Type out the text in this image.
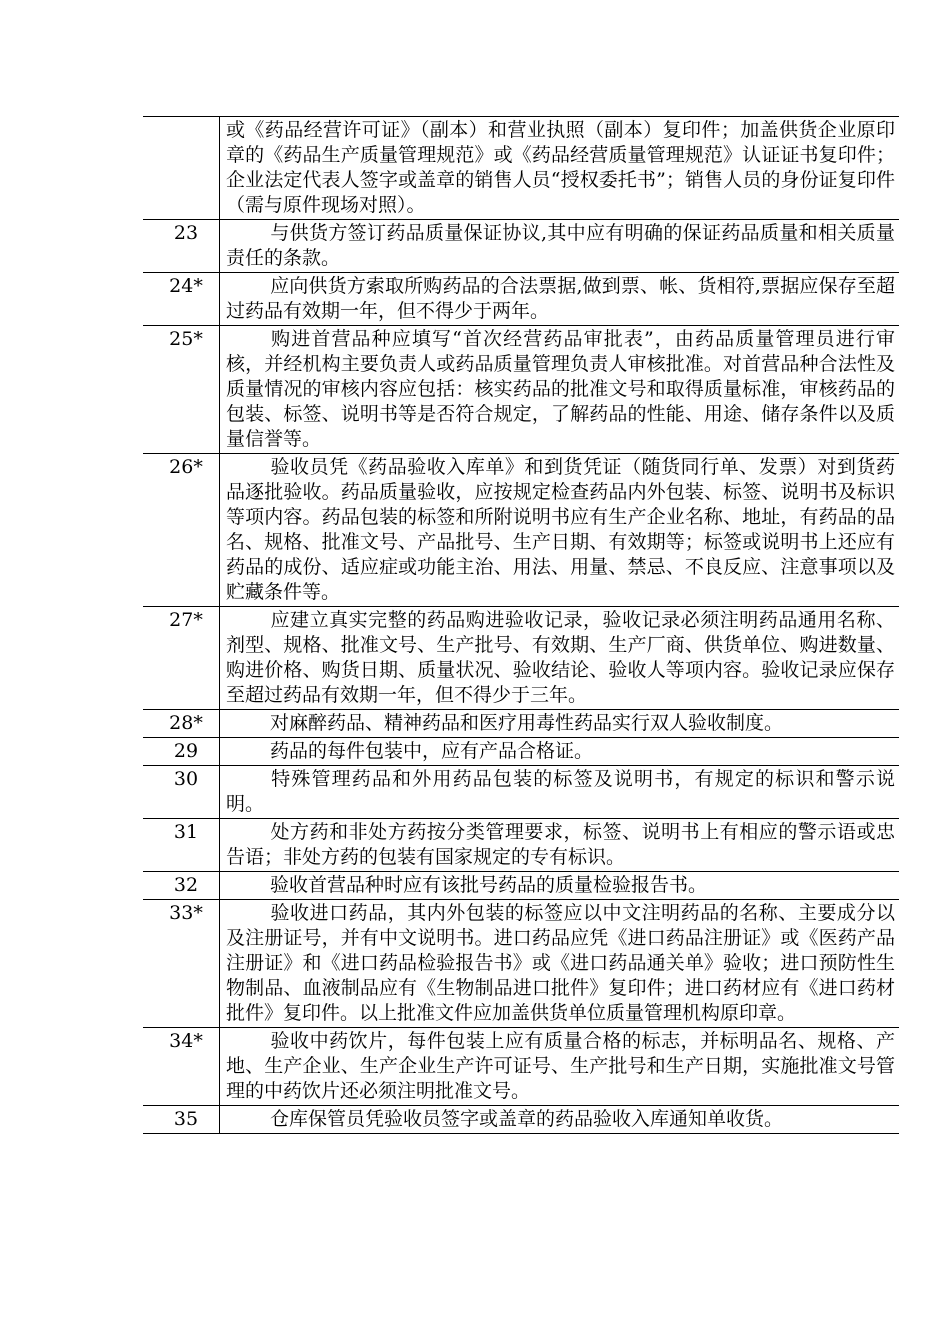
	或《药品经营许可证》（副本）和营业执照（副本）复印件；加盖供货企业原印章的《药品生产质量管理规范》或《药品经营质量管理规范》认证证书复印件；企业法定代表人签字或盖章的销售人员“授权委托书”；销售人员的身份证复印件（需与原件现场对照）。
23	与供货方签订药品质量保证协议,其中应有明确的保证药品质量和相关质量责任的条款。
24*	应向供货方索取所购药品的合法票据,做到票、帐、货相符,票据应保存至超过药品有效期一年，但不得少于两年。
25*	购进首营品种应填写“首次经营药品审批表”，由药品质量管理员进行审核，并经机构主要负责人或药品质量管理负责人审核批准。对首营品种合法性及质量情况的审核内容应包括：核实药品的批准文号和取得质量标准，审核药品的包装、标签、说明书等是否符合规定，了解药品的性能、用途、储存条件以及质量信誉等。
26*	验收员凭《药品验收入库单》和到货凭证（随货同行单、发票）对到货药品逐批验收。药品质量验收，应按规定检查药品内外包装、标签、说明书及标识等项内容。药品包装的标签和所附说明书应有生产企业名称、地址，有药品的品名、规格、批准文号、产品批号、生产日期、有效期等；标签或说明书上还应有药品的成份、适应症或功能主治、用法、用量、禁忌、不良反应、注意事项以及贮藏条件等。
27*	应建立真实完整的药品购进验收记录，验收记录必须注明药品通用名称、剂型、规格、批准文号、生产批号、有效期、生产厂商、供货单位、购进数量、购进价格、购货日期、质量状况、验收结论、验收人等项内容。验收记录应保存至超过药品有效期一年，但不得少于三年。
28*	对麻醉药品、精神药品和医疗用毒性药品实行双人验收制度。
29	药品的每件包装中，应有产品合格证。
30	特殊管理药品和外用药品包装的标签及说明书，有规定的标识和警示说明。
31	处方药和非处方药按分类管理要求，标签、说明书上有相应的警示语或忠告语；非处方药的包装有国家规定的专有标识。
32	验收首营品种时应有该批号药品的质量检验报告书。
33*	验收进口药品，其内外包装的标签应以中文注明药品的名称、主要成分以及注册证号，并有中文说明书。进口药品应凭《进口药品注册证》或《医药产品注册证》和《进口药品检验报告书》或《进口药品通关单》验收；进口预防性生物制品、血液制品应有《生物制品进口批件》复印件；进口药材应有《进口药材批件》复印件。以上批准文件应加盖供货单位质量管理机构原印章。
34*	验收中药饮片，每件包装上应有质量合格的标志，并标明品名、规格、产地、生产企业、生产企业生产许可证号、生产批号和生产日期，实施批准文号管理的中药饮片还必须注明批准文号。
35	仓库保管员凭验收员签字或盖章的药品验收入库通知单收货。
